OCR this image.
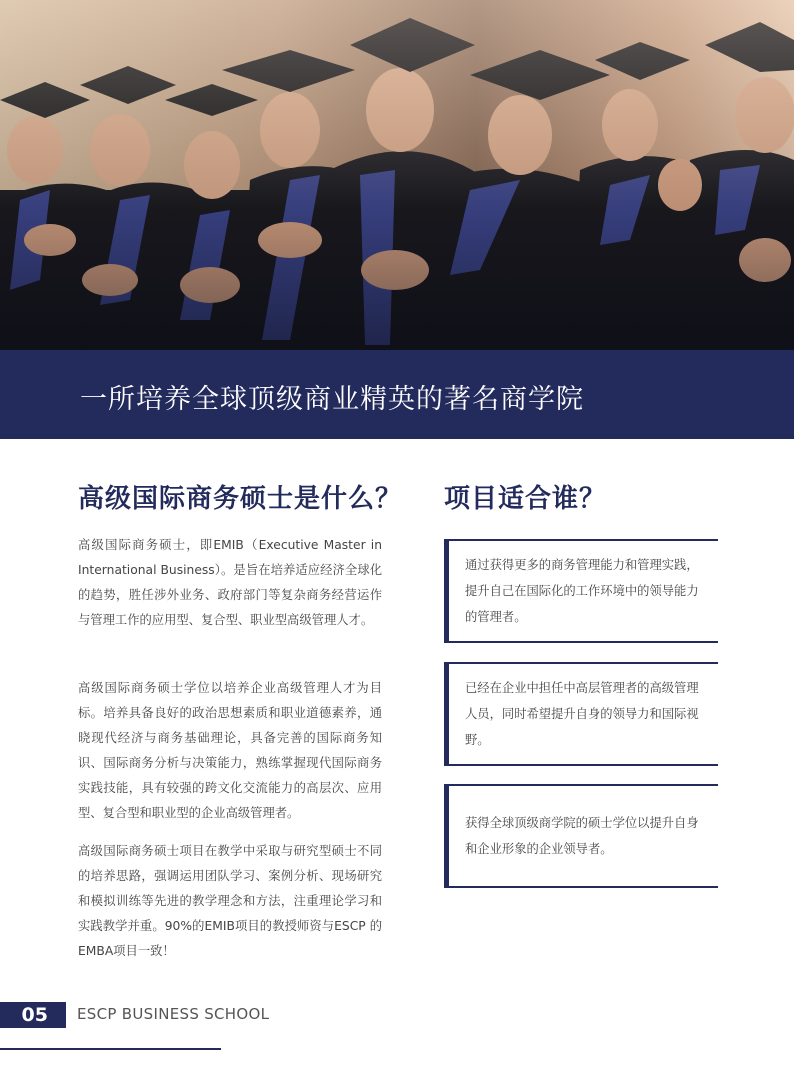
一所培养全球顶级商业精英的著名商学院
高级国际商务硕士是什么？
高级国际商务硕士，即EMIB（Executive Master in International Business）。是旨在培养适应经济全球化的趋势，胜任涉外业务、政府部门等复杂商务经营运作与管理工作的应用型、复合型、职业型高级管理人才。
高级国际商务硕士学位以培养企业高级管理人才为目标。培养具备良好的政治思想素质和职业道德素养，通晓现代经济与商务基础理论，具备完善的国际商务知识、国际商务分析与决策能力，熟练掌握现代国际商务实践技能，具有较强的跨文化交流能力的高层次、应用型、复合型和职业型的企业高级管理者。
高级国际商务硕士项目在教学中采取与研究型硕士不同的培养思路，强调运用团队学习、案例分析、现场研究和模拟训练等先进的教学理念和方法，注重理论学习和实践教学并重。90%的EMIB项目的教授师资与ESCP 的EMBA项目一致！
项目适合谁？
通过获得更多的商务管理能力和管理实践，提升自己在国际化的工作环境中的领导能力的管理者。
已经在企业中担任中高层管理者的高级管理人员，同时希望提升自身的领导力和国际视野。
获得全球顶级商学院的硕士学位以提升自身和企业形象的企业领导者。
05	ESCP BUSINESS SCHOOL
